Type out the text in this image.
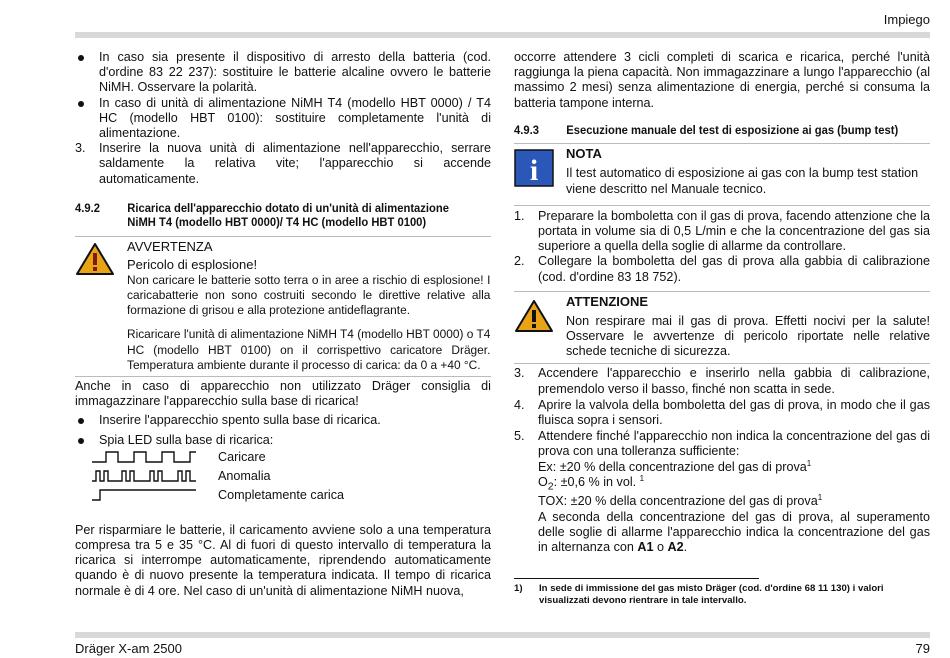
Impiego
In caso sia presente il dispositivo di arresto della batteria (cod. d'ordine 83 22 237): sostituire le batterie alcaline ovvero le batterie NiMH. Osservare la polarità.
In caso di unità di alimentazione NiMH T4 (modello HBT 0000) / T4 HC (modello HBT 0100): sostituire completamente l'unità di alimentazione.
3. Inserire la nuova unità di alimentazione nell'apparecchio, serrare saldamente la relativa vite; l'apparecchio si accende automaticamente.
4.9.2	Ricarica dell'apparecchio dotato di un'unità di alimentazione NiMH T4 (modello HBT 0000)/ T4 HC (modello HBT 0100)
AVVERTENZA
Pericolo di esplosione!
Non caricare le batterie sotto terra o in aree a rischio di esplosione! I caricabatterie non sono costruiti secondo le direttive relative alla formazione di grisou e alla protezione antideflagrante.
Ricaricare l'unità di alimentazione NiMH T4 (modello HBT 0000) o T4 HC (modello HBT 0100) on il corrispettivo caricatore Dräger. Temperatura ambiente durante il processo di carica: da 0 a +40 °C.
Anche in caso di apparecchio non utilizzato Dräger consiglia di immagazzinare l'apparecchio sulla base di ricarica!
Inserire l'apparecchio spento sulla base di ricarica.
Spia LED sulla base di ricarica:
Caricare
Anomalia
Completamente carica
Per risparmiare le batterie, il caricamento avviene solo a una temperatura compresa tra 5 e 35 °C. Al di fuori di questo intervallo di temperatura la ricarica si interrompe automaticamente, riprendendo automaticamente quando è di nuovo presente la temperatura indicata. Il tempo di ricarica normale è di 4 ore. Nel caso di un'unità di alimentazione NiMH nuova,
occorre attendere 3 cicli completi di scarica e ricarica, perché l'unità raggiunga la piena capacità. Non immagazzinare a lungo l'apparecchio (al massimo 2 mesi) senza alimentazione di energia, perché si consuma la batteria tampone interna.
4.9.3	Esecuzione manuale del test di esposizione ai gas (bump test)
i
NOTA
Il test automatico di esposizione ai gas con la bump test station viene descritto nel Manuale tecnico.
1. Preparare la bomboletta con il gas di prova, facendo attenzione che la portata in volume sia di 0,5 L/min e che la concentrazione del gas sia superiore a quella della soglie di allarme da controllare.
2. Collegare la bomboletta del gas di prova alla gabbia di calibrazione (cod. d'ordine 83 18 752).
ATTENZIONE
Non respirare mai il gas di prova. Effetti nocivi per la salute! Osservare le avvertenze di pericolo riportate nelle relative schede tecniche di sicurezza.
3. Accendere l'apparecchio e inserirlo nella gabbia di calibrazione, premendolo verso il basso, finché non scatta in sede.
4. Aprire la valvola della bomboletta del gas di prova, in modo che il gas fluisca sopra i sensori.
5. Attendere finché l'apparecchio non indica la concentrazione del gas di prova con una tolleranza sufficiente:
Ex: ±20 % della concentrazione del gas di prova$^1$
$O_2$: ±0,6 % in vol. $^1$
TOX: ±20 % della concentrazione del gas di prova$^1$
A seconda della concentrazione del gas di prova, al superamento delle soglie di allarme l'apparecchio indica la concentrazione del gas in alternanza con A1 o A2.
1)	In sede di immissione del gas misto Dräger (cod. d'ordine 68 11 130) i valori visualizzati devono rientrare in tale intervallo.
Dräger X-am 2500	79
